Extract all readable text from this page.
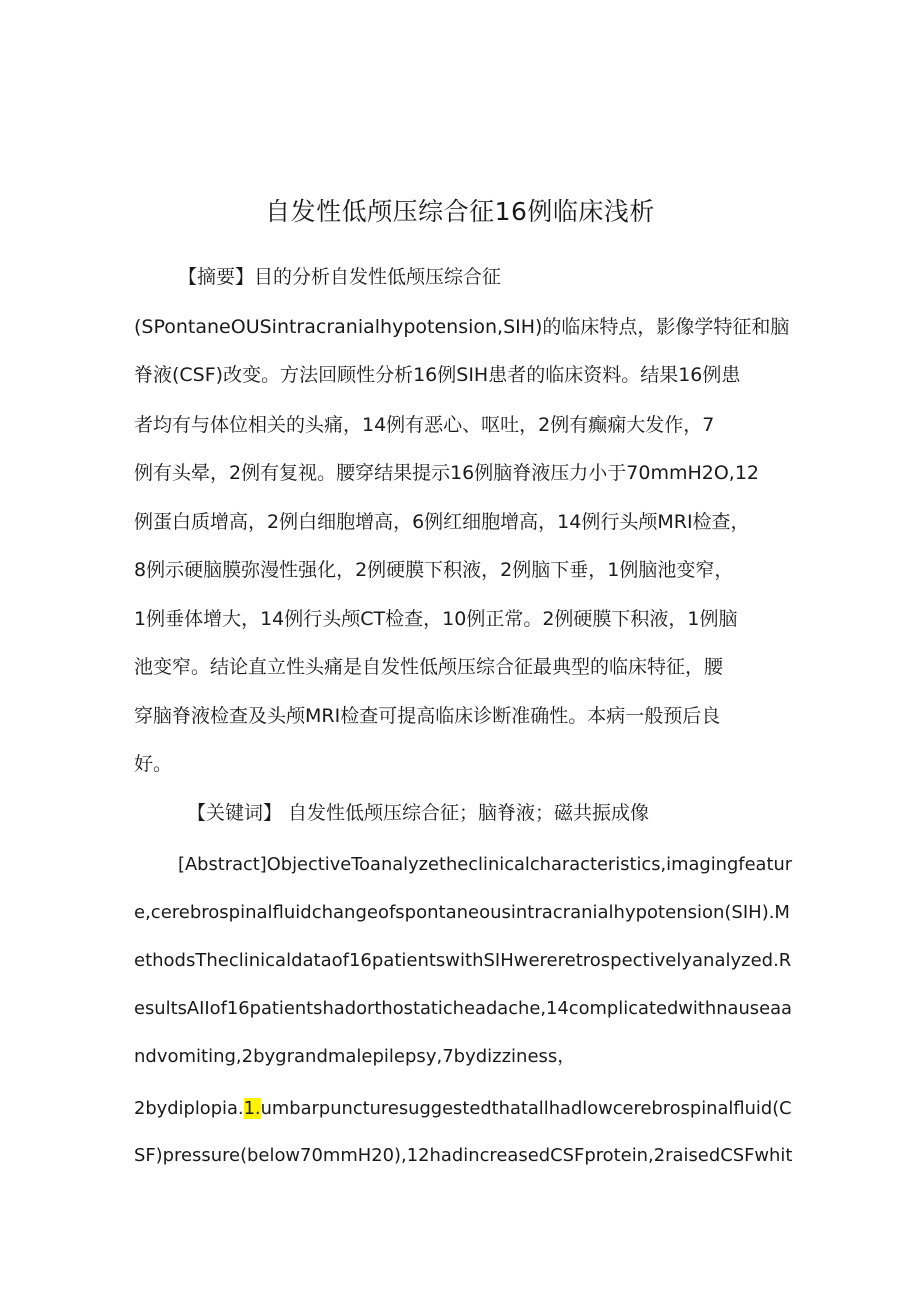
自发性低颅压综合征16例临床浅析
【摘要】目的分析自发性低颅压综合征
(SPontaneOUSintracranialhypotension,SIH)的临床特点，影像学特征和脑
脊液(CSF)改变。方法回顾性分析16例SIH患者的临床资料。结果16例患
者均有与体位相关的头痛，14例有恶心、呕吐，2例有癫痫大发作，7
例有头晕，2例有复视。腰穿结果提示16例脑脊液压力小于70mmH2O,12
例蛋白质增高，2例白细胞增高，6例红细胞增高，14例行头颅MRI检查，
8例示硬脑膜弥漫性强化，2例硬膜下积液，2例脑下垂，1例脑池变窄，
1例垂体增大，14例行头颅CT检查，10例正常。2例硬膜下积液，1例脑
池变窄。结论直立性头痛是自发性低颅压综合征最典型的临床特征，腰
穿脑脊液检查及头颅MRI检查可提高临床诊断准确性。本病一般预后良
好。
【关键词】 自发性低颅压综合征；脑脊液；磁共振成像
[Abstract]ObjectiveToanalyzetheclinicalcharacteristics,imagingfeatur
e,cerebrospinalfluidchangeofspontaneousintracranialhypotension(SIH).M
ethodsTheclinicaldataof16patientswithSIHwereretrospectivelyanalyzed.R
esultsAIIof16patientshadorthostaticheadache,14complicatedwithnauseaa
ndvomiting,2bygrandmalepilepsy,7bydizziness，
2bydiplopia.1.umbarpuncturesuggestedthatallhadlowcerebrospinalfluid(C
SF)pressure(below70mmH20),12hadincreasedCSFprotein,2raisedCSFwhit
